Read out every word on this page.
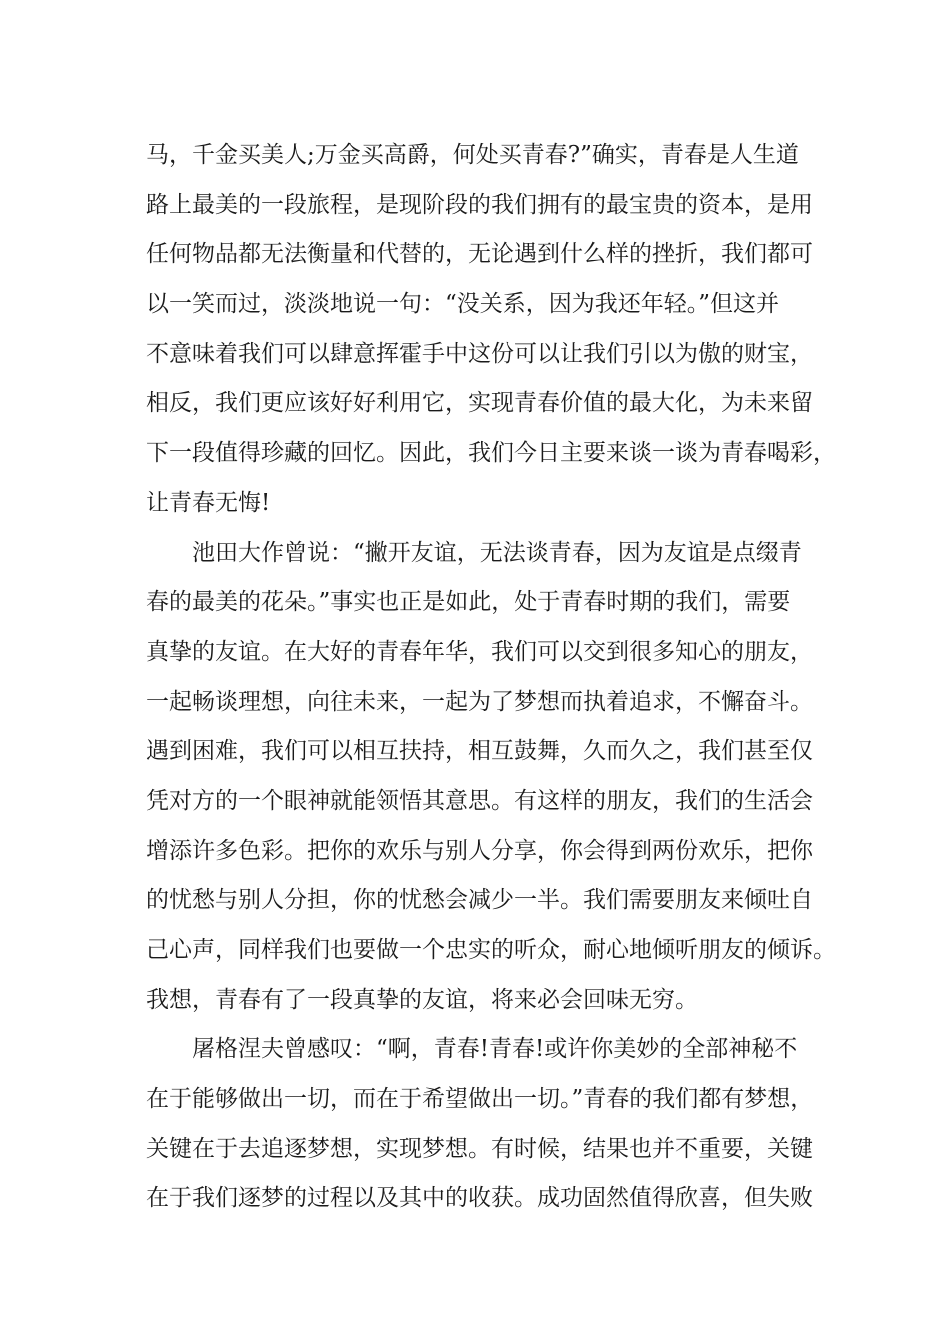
马，千金买美人;万金买高爵，何处买青春?”确实，青春是人生道
路上最美的一段旅程，是现阶段的我们拥有的最宝贵的资本，是用
任何物品都无法衡量和代替的，无论遇到什么样的挫折，我们都可
以一笑而过，淡淡地说一句：“没关系，因为我还年轻。”但这并
不意味着我们可以肆意挥霍手中这份可以让我们引以为傲的财宝，
相反，我们更应该好好利用它，实现青春价值的最大化，为未来留
下一段值得珍藏的回忆。因此，我们今日主要来谈一谈为青春喝彩，
让青春无悔!
池田大作曾说：“撇开友谊，无法谈青春，因为友谊是点缀青
春的最美的花朵。”事实也正是如此，处于青春时期的我们，需要
真挚的友谊。在大好的青春年华，我们可以交到很多知心的朋友，
一起畅谈理想，向往未来，一起为了梦想而执着追求，不懈奋斗。
遇到困难，我们可以相互扶持，相互鼓舞，久而久之，我们甚至仅
凭对方的一个眼神就能领悟其意思。有这样的朋友，我们的生活会
增添许多色彩。把你的欢乐与别人分享，你会得到两份欢乐，把你
的忧愁与别人分担，你的忧愁会减少一半。我们需要朋友来倾吐自
己心声，同样我们也要做一个忠实的听众，耐心地倾听朋友的倾诉。
我想，青春有了一段真挚的友谊，将来必会回味无穷。
屠格涅夫曾感叹：“啊，青春!青春!或许你美妙的全部神秘不
在于能够做出一切，而在于希望做出一切。”青春的我们都有梦想，
关键在于去追逐梦想，实现梦想。有时候，结果也并不重要，关键
在于我们逐梦的过程以及其中的收获。成功固然值得欣喜，但失败
